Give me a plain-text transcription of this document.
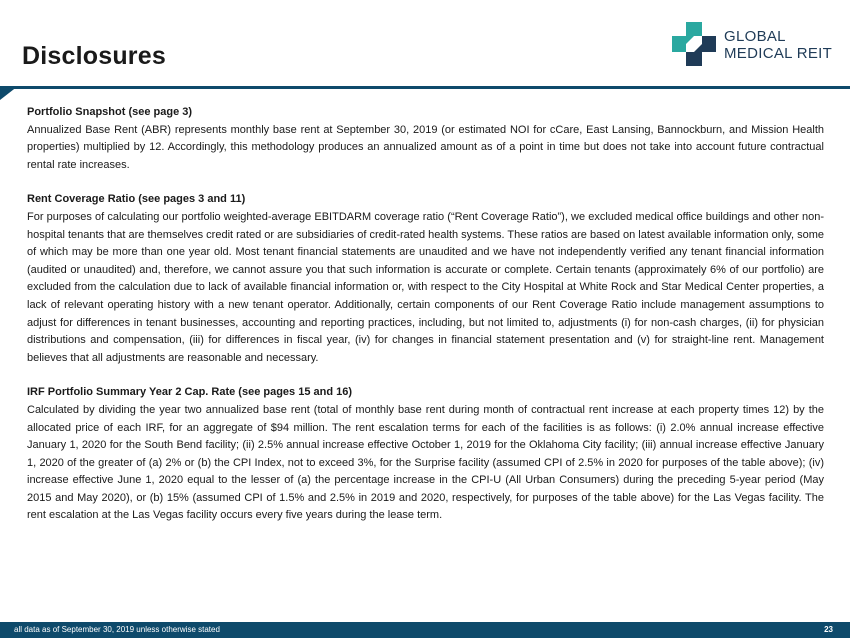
Disclosures
GLOBAL
MEDICAL REIT
Portfolio Snapshot (see page 3)
Annualized Base Rent (ABR) represents monthly base rent at September 30, 2019 (or estimated NOI for cCare, East Lansing, Bannockburn, and Mission Health properties) multiplied by 12. Accordingly, this methodology produces an annualized amount as of a point in time but does not take into account future contractual rental rate increases.
Rent Coverage Ratio (see pages 3 and 11)
For purposes of calculating our portfolio weighted-average EBITDARM coverage ratio (“Rent Coverage Ratio”), we excluded medical office buildings and other non-hospital tenants that are themselves credit rated or are subsidiaries of credit-rated health systems. These ratios are based on latest available information only, some of which may be more than one year old. Most tenant financial statements are unaudited and we have not independently verified any tenant financial information (audited or unaudited) and, therefore, we cannot assure you that such information is accurate or complete. Certain tenants (approximately 6% of our portfolio) are excluded from the calculation due to lack of available financial information or, with respect to the City Hospital at White Rock and Star Medical Center properties, a lack of relevant operating history with a new tenant operator. Additionally, certain components of our Rent Coverage Ratio include management assumptions to adjust for differences in tenant businesses, accounting and reporting practices, including, but not limited to, adjustments (i) for non-cash charges, (ii) for physician distributions and compensation, (iii) for differences in fiscal year, (iv) for changes in financial statement presentation and (v) for straight-line rent. Management believes that all adjustments are reasonable and necessary.
IRF Portfolio Summary Year 2 Cap. Rate (see pages 15 and 16)
Calculated by dividing the year two annualized base rent (total of monthly base rent during month of contractual rent increase at each property times 12) by the allocated price of each IRF, for an aggregate of $94 million. The rent escalation terms for each of the facilities is as follows: (i) 2.0% annual increase effective January 1, 2020 for the South Bend facility; (ii) 2.5% annual increase effective October 1, 2019 for the Oklahoma City facility; (iii) annual increase effective January 1, 2020 of the greater of (a) 2% or (b) the CPI Index, not to exceed 3%, for the Surprise facility (assumed CPI of 2.5% in 2020 for purposes of the table above); (iv) increase effective June 1, 2020 equal to the lesser of (a) the percentage increase in the CPI-U (All Urban Consumers) during the preceding 5-year period (May 2015 and May 2020), or (b) 15% (assumed CPI of 1.5% and 2.5% in 2019 and 2020, respectively, for purposes of the table above) for the Las Vegas facility. The rent escalation at the Las Vegas facility occurs every five years during the lease term.
all data as of September 30, 2019 unless otherwise stated	23
